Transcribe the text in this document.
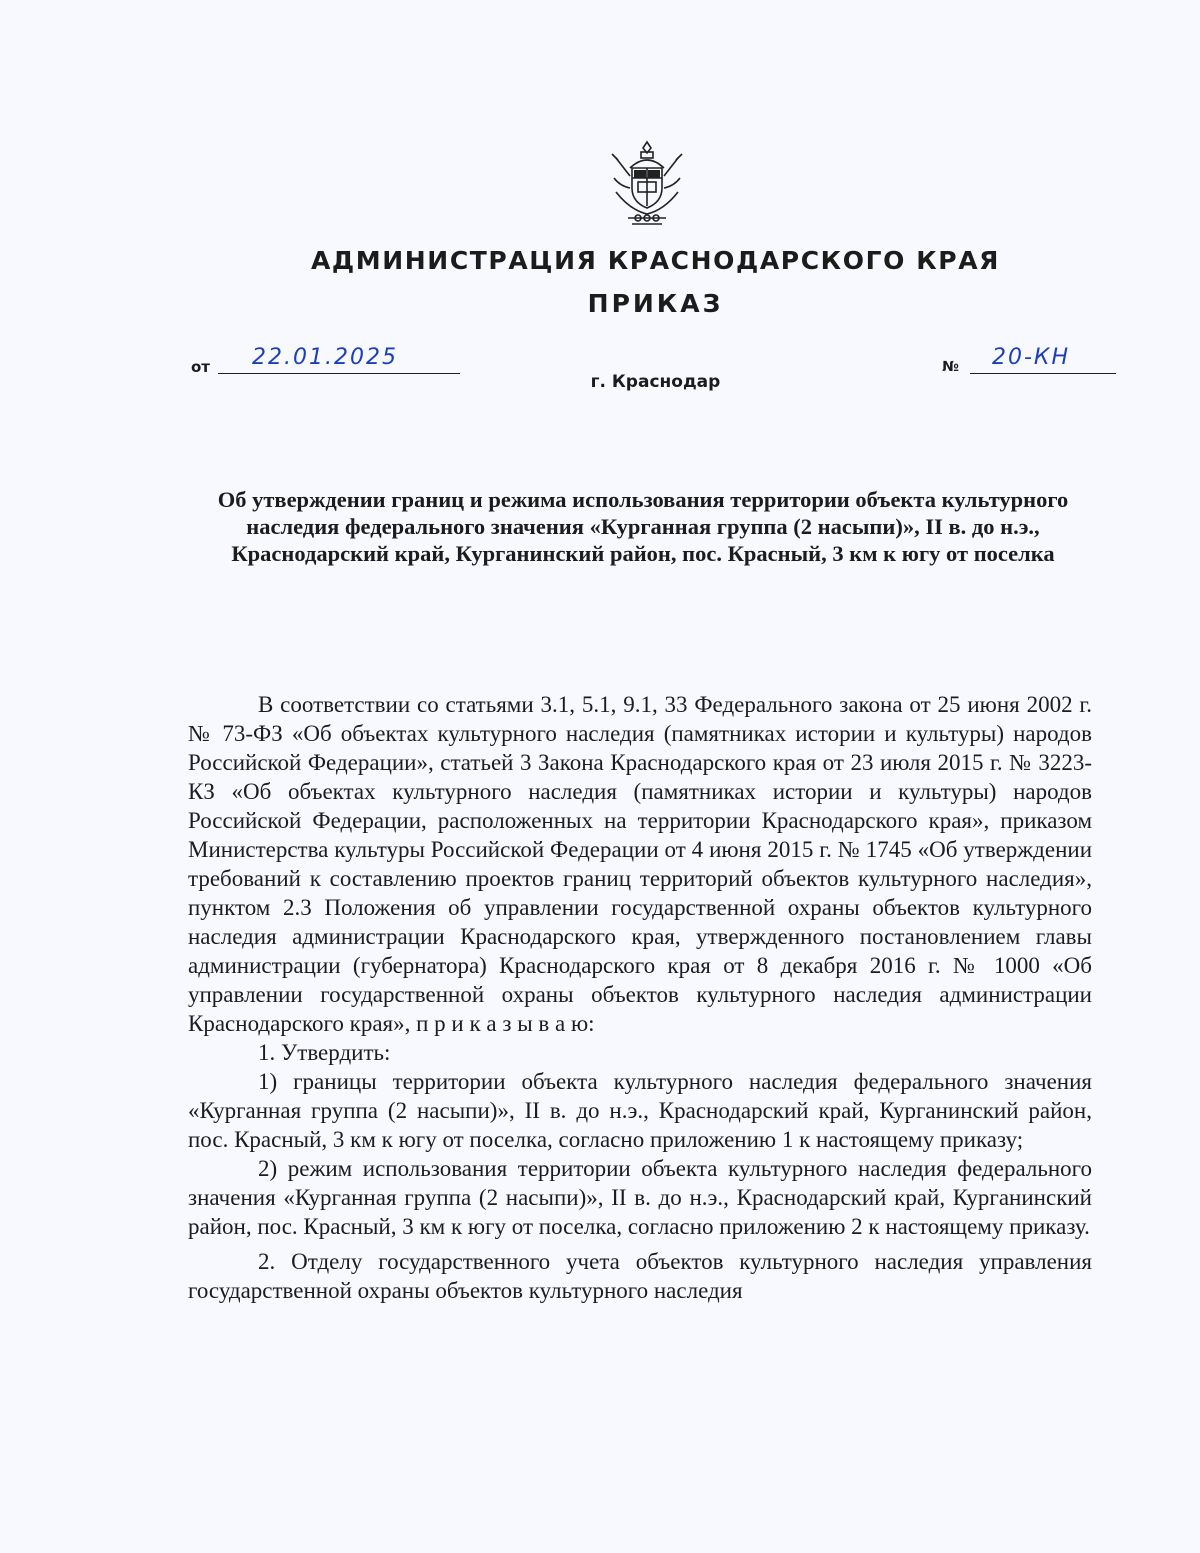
АДМИНИСТРАЦИЯ КРАСНОДАРСКОГО КРАЯ
ПРИКАЗ
от 22.01.2025
г. Краснодар
№ 20-КН
Об утверждении границ и режима использования территории объекта культурного наследия федерального значения «Курганная группа (2 насыпи)», II в. до н.э., Краснодарский край, Курганинский район, пос. Красный, 3 км к югу от поселка

В соответствии со статьями 3.1, 5.1, 9.1, 33 Федерального закона от 25 июня 2002 г. № 73-ФЗ «Об объектах культурного наследия (памятниках истории и культуры) народов Российской Федерации», статьей 3 Закона Краснодарского края от 23 июля 2015 г. № 3223-КЗ «Об объектах культурного наследия (памятниках истории и культуры) народов Российской Федерации, расположенных на территории Краснодарского края», приказом Министерства культуры Российской Федерации от 4 июня 2015 г. № 1745 «Об утверждении требований к составлению проектов границ территорий объектов культурного наследия», пунктом 2.3 Положения об управлении государственной охраны объектов культурного наследия администрации Краснодарского края, утвержденного постановлением главы администрации (губернатора) Краснодарского края от 8 декабря 2016 г. № 1000 «Об управлении государственной охраны объектов культурного наследия администрации Краснодарского края», п р и к а з ы в а ю:

1. Утвердить:

1) границы территории объекта культурного наследия федерального значения «Курганная группа (2 насыпи)», II в. до н.э., Краснодарский край, Курганинский район, пос. Красный, 3 км к югу от поселка, согласно приложению 1 к настоящему приказу;

2) режим использования территории объекта культурного наследия федерального значения «Курганная группа (2 насыпи)», II в. до н.э., Краснодарский край, Курганинский район, пос. Красный, 3 км к югу от поселка, согласно приложению 2 к настоящему приказу.

2. Отделу государственного учета объектов культурного наследия управления государственной охраны объектов культурного наследия
